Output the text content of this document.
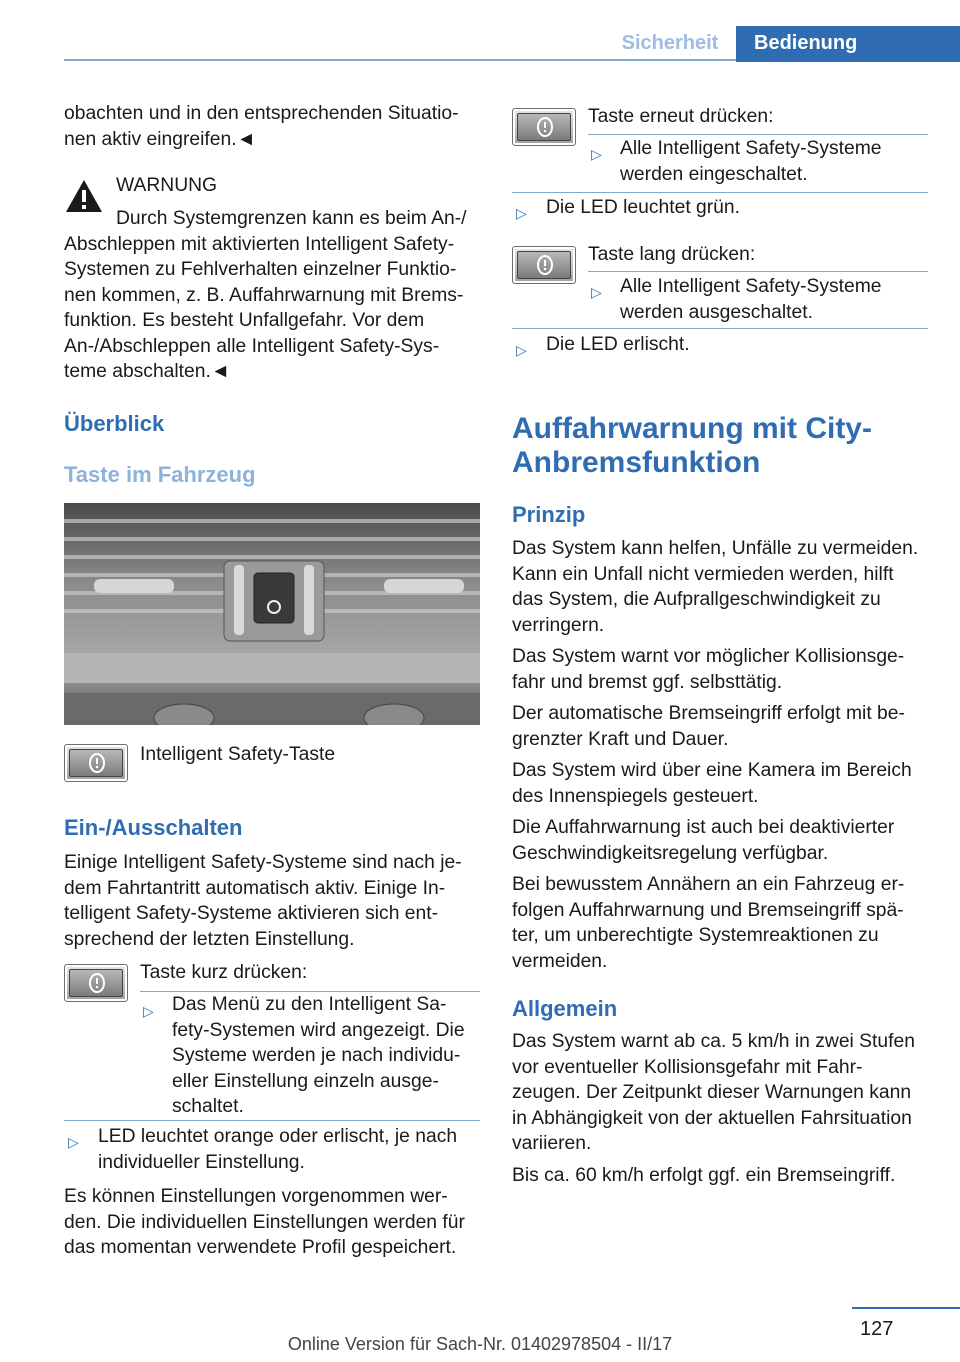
Sicherheit	Bedienung

obachten und in den entsprechenden Situatio-

nen aktiv eingreifen.◄

WARNUNG

Durch Systemgrenzen kann es beim An-/

Abschleppen mit aktivierten Intelligent Safety-

Systemen zu Fehlverhalten einzelner Funktio-

nen kommen, z. B. Auffahrwarnung mit Brems-

funktion. Es besteht Unfallgefahr. Vor dem

An-/Abschleppen alle Intelligent Safety-Sys-

teme abschalten.◄

Überblick
Taste im Fahrzeug
Intelligent Safety-Taste
Ein-/Ausschalten

Einige Intelligent Safety-Systeme sind nach je-

dem Fahrtantritt automatisch aktiv. Einige In-

telligent Safety-Systeme aktivieren sich ent-

sprechend der letzten Einstellung.

Taste kurz drücken:
▷ Das Menü zu den Intelligent Sa-

fety-Systemen wird angezeigt. Die

Systeme werden je nach individu-

eller Einstellung einzeln ausge-

schaltet.

▷ LED leuchtet orange oder erlischt, je nach

individueller Einstellung.

Es können Einstellungen vorgenommen wer-

den. Die individuellen Einstellungen werden für

das momentan verwendete Profil gespeichert.

Taste erneut drücken:
▷ Alle Intelligent Safety-Systeme

werden eingeschaltet.

▷ Die LED leuchtet grün.
Taste lang drücken:
▷ Alle Intelligent Safety-Systeme

werden ausgeschaltet.

▷ Die LED erlischt.

Auffahrwarnung mit City-

Anbremsfunktion

Prinzip

Das System kann helfen, Unfälle zu vermeiden.

Kann ein Unfall nicht vermieden werden, hilft

das System, die Aufprallgeschwindigkeit zu

verringern.

Das System warnt vor möglicher Kollisionsge-

fahr und bremst ggf. selbsttätig.

Der automatische Bremseingriff erfolgt mit be-

grenzter Kraft und Dauer.

Das System wird über eine Kamera im Bereich

des Innenspiegels gesteuert.

Die Auffahrwarnung ist auch bei deaktivierter

Geschwindigkeitsregelung verfügbar.

Bei bewusstem Annähern an ein Fahrzeug er-

folgen Auffahrwarnung und Bremseingriff spä-

ter, um unberechtigte Systemreaktionen zu

vermeiden.

Allgemein

Das System warnt ab ca. 5 km/h in zwei Stufen

vor eventueller Kollisionsgefahr mit Fahr-

zeugen. Der Zeitpunkt dieser Warnungen kann

in Abhängigkeit von der aktuellen Fahrsituation

variieren.

Bis ca. 60 km/h erfolgt ggf. ein Bremseingriff.

127
Online Version für Sach-Nr. 01402978504 - II/17
